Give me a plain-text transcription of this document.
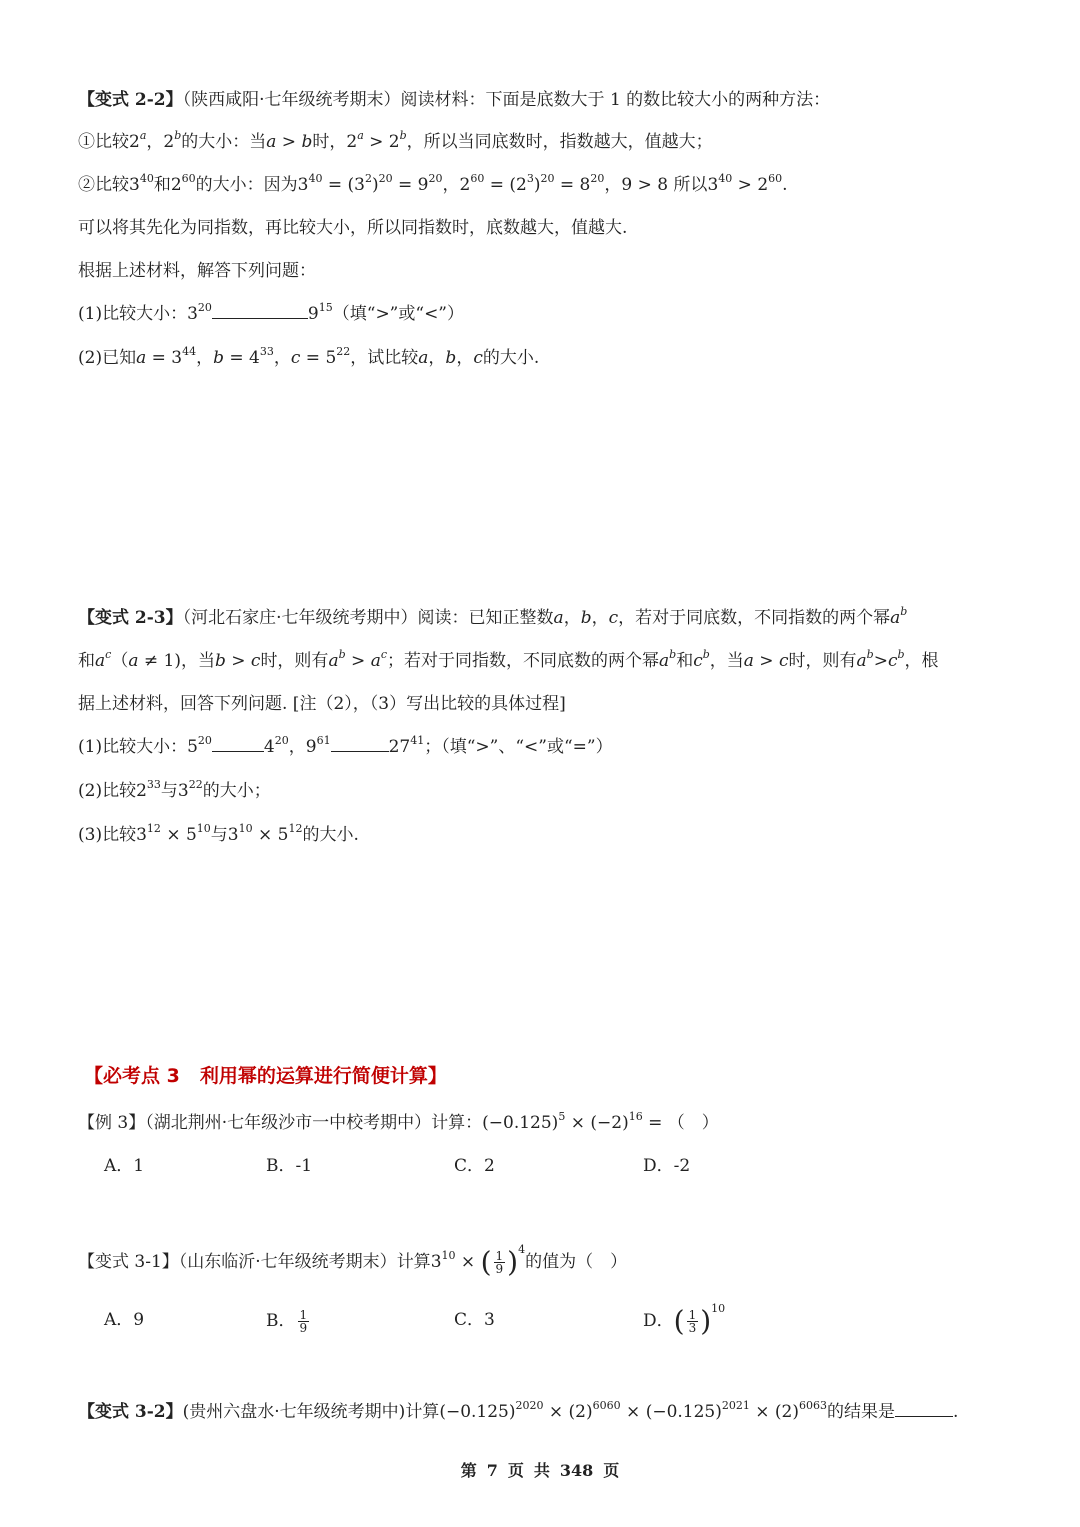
【变式 2-2】（陕西咸阳·七年级统考期末）阅读材料：下面是底数大于 1 的数比较大小的两种方法：
①比较2$^a$，2$^b$的大小：当a > b时，$2^a > 2^b$，所以当同底数时，指数越大，值越大；
②比较$3^{40}$和$2^{60}$的大小：因为$3^{40} = (3^2)^{20} = 9^{20}$，$2^{60} = (2^3)^{20} = 8^{20}$，9 > 8 所以$3^{40} > 2^{60}$.
可以将其先化为同指数，再比较大小，所以同指数时，底数越大，值越大.
根据上述材料，解答下列问题：
(1)比较大小：$3^{20}$	$9^{15}$（填“>”或“<”）
(2)已知$a = 3^{44}$，$b = 4^{33}$，$c = 5^{22}$，试比较a，b，c的大小.
【变式 2-3】（河北石家庄·七年级统考期中）阅读：已知正整数a，b，c，若对于同底数，不同指数的两个幂$a^b$
和$a^c(a \ne 1)$，当b > c时，则有$a^b > a^c$；若对于同指数，不同底数的两个幂$a^b$和$c^b$，当a > c时，则有$a^b>c^b$，根
据上述材料，回答下列问题. [注（2），（3）写出比较的具体过程]
(1)比较大小：$5^{20}$	$4^{20}$，$9^{61}$	$27^{41}$；（填“>”、“<”或“=”）
(2)比较$2^{33}$与$3^{22}$的大小；
(3)比较$3^{12} \times 5^{10}$与$3^{10} \times 5^{12}$的大小.
【必考点 3 利用幂的运算进行简便计算】
【例 3】（湖北荆州·七年级沙市一中校考期中）计算：$(-0.125)^5 \times (-2)^{16}$ = （　）
A．1	B．-1	C．2	D．-2
【变式 3-1】（山东临沂·七年级统考期末）计算$3^{10}$ × ( $\frac{1}{9} )^4$的值为（　）
A．9	B． $\frac{1}{9}$	C．3	D．( $\frac{1}{3} )^{10}$
【变式 3-2】(贵州六盘水·七年级统考期中)计算$(-0.125)^{2020} \times (2)^{6060} \times (-0.125)^{2021} \times (2)^{6063}$的结果是	.
第 7 页 共 348 页
